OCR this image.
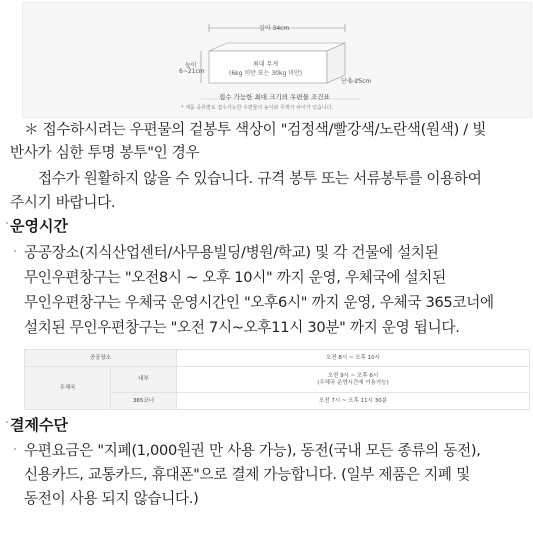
길이 34cm
높이
6~21cm
최대 무게
(6kg 미만 또는 30kg 미만)
단축 25cm
접수 가능한 최대 크기의 우편물 조건표
* 제품 종류별로 접수가능한 우편물의 높이와 무게가 차이가 있습니다.
＊ 접수하시려는 우편물의 겉봉투 색상이 "검정색/빨강색/노란색(원색) / 빛
반사가 심한 투명 봉투"인 경우
접수가 원활하지 않을 수 있습니다. 규격 봉투 또는 서류봉투를 이용하여
주시기 바랍니다.
운영시간
공공장소(지식산업센터/사무용빌딩/병원/학교) 및 각 건물에 설치된
무인우편창구는 "오전8시 ~ 오후 10시" 까지 운영, 우체국에 설치된
무인우편창구는 우체국 운영시간인 "오후6시" 까지 운영, 우체국 365코너에
설치된 무인우편창구는 "오전 7시~오후11시 30분" 까지 운영 됩니다.
공공장소		오전 8시 ~ 오후 10시
우체국	내부	오전 9시 ~ 오후 6시
(우체국 운영시간에 이용가능)

	365코너	오전 7시 ~ 오후 11시 30분
결제수단
우편요금은 "지폐(1,000원권 만 사용 가능), 동전(국내 모든 종류의 동전),
신용카드, 교통카드, 휴대폰"으로 결제 가능합니다. (일부 제품은 지폐 및
동전이 사용 되지 않습니다.)
